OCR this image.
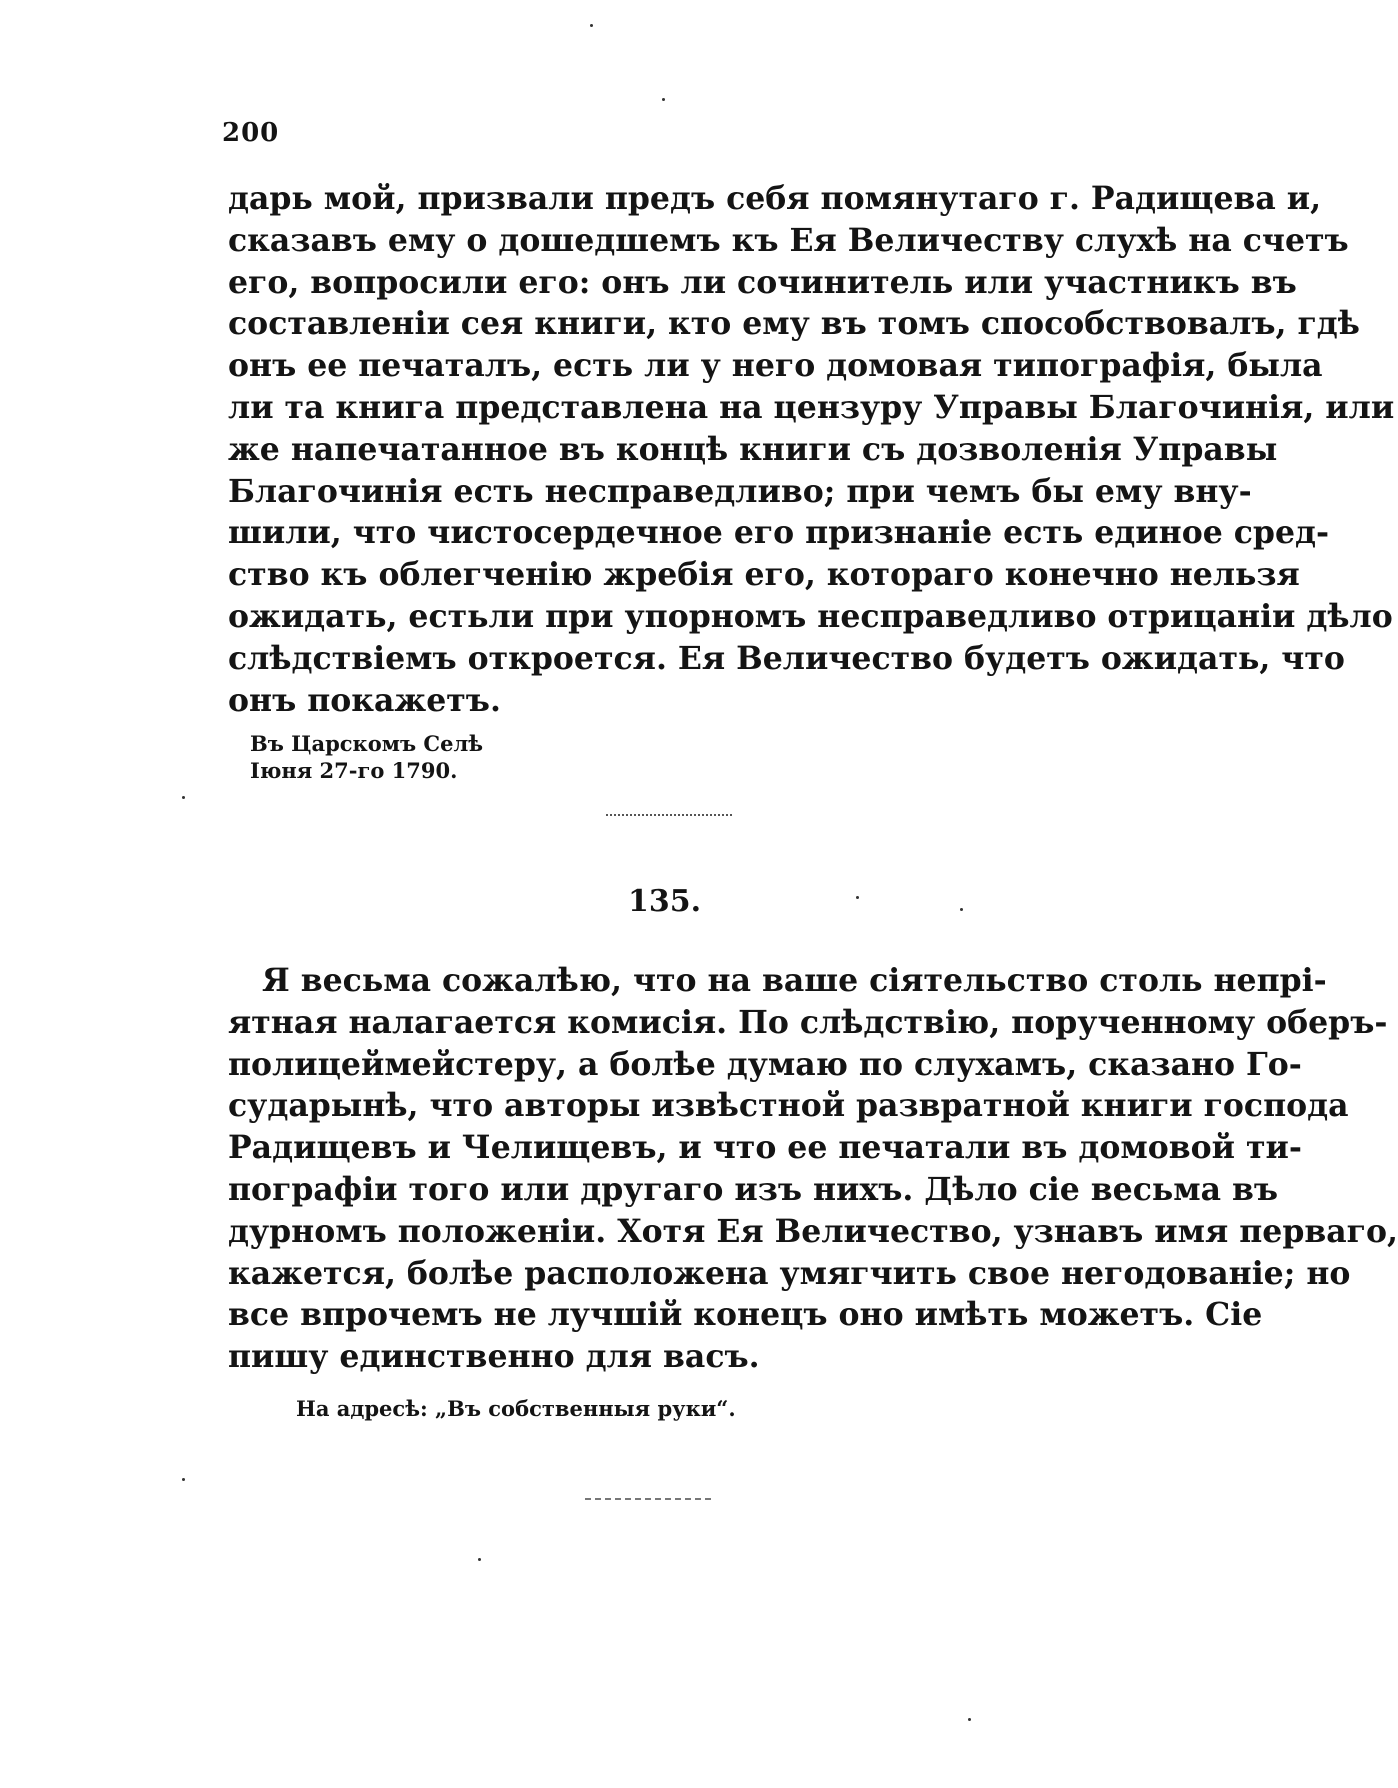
200
дарь мой, призвали предъ себя помянутаго г. Радищева и,
сказавъ ему о дошедшемъ къ Ея Величеству слухѣ на счетъ
его, вопросили его: онъ ли сочинитель или участникъ въ
составленіи сея книги, кто ему въ томъ способствовалъ, гдѣ
онъ ее печаталъ, есть ли у него домовая типографія, была
ли та книга представлена на цензуру Управы Благочинія, или
же напечатанное въ концѣ книги съ дозволенія Управы
Благочинія есть несправедливо; при чемъ бы ему вну-
шили, что чистосердечное его признаніе есть единое сред-
ство къ облегченію жребія его, котораго конечно нельзя
ожидать, естьли при упорномъ несправедливо отрицаніи дѣло
слѣдствіемъ откроется. Ея Величество будетъ ожидать, что
онъ покажетъ.
Въ Царскомъ Селѣ
Іюня 27-го 1790.
135.
Я весьма сожалѣю, что на ваше сіятельство столь непрі-
ятная налагается комисія. По слѣдствію, порученному оберъ-
полицеймейстеру, а болѣе думаю по слухамъ, сказано Го-
сударынѣ, что авторы извѣстной развратной книги господа
Радищевъ и Челищевъ, и что ее печатали въ домовой ти-
пографіи того или другаго изъ нихъ. Дѣло сіе весьма въ
дурномъ положеніи. Хотя Ея Величество, узнавъ имя перваго,
кажется, болѣе расположена умягчить свое негодованіе; но
все впрочемъ не лучшій конецъ оно имѣть можетъ. Сіе
пишу единственно для васъ.
На адресѣ: „Въ собственныя руки“.
